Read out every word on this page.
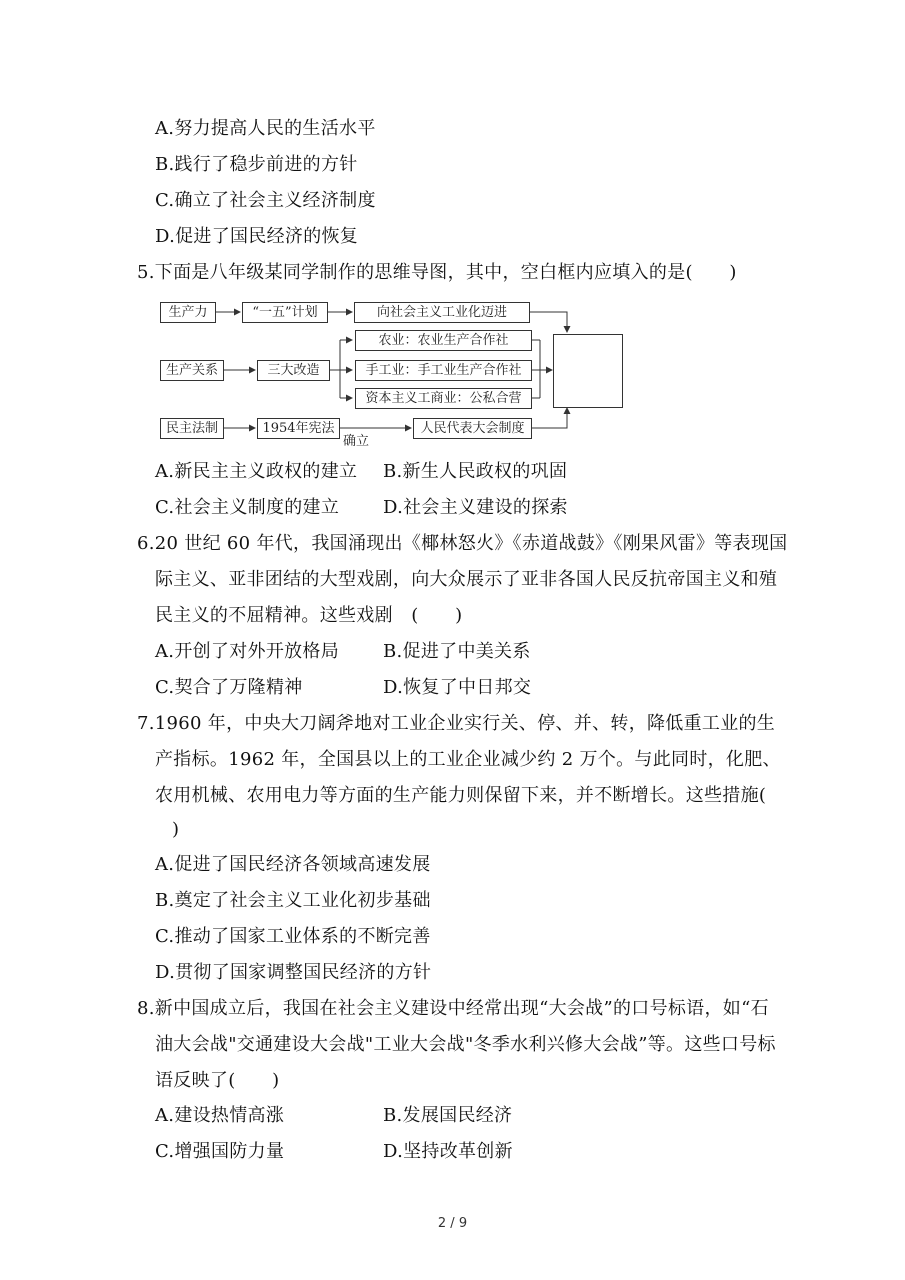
A.努力提高人民的生活水平
B.践行了稳步前进的方针
C.确立了社会主义经济制度
D.促进了国民经济的恢复
5.下面是八年级某同学制作的思维导图，其中，空白框内应填入的是(　　)
生产力	“一五”计划	向社会主义工业化迈进
农业：农业生产合作社
生产关系	三大改造	手工业：手工业生产合作社
资本主义工商业：公私合营
民主法制	1954年宪法
确立
人民代表大会制度
A.新民主主义政权的建立 B.新生人民政权的巩固
C.社会主义制度的建立 D.社会主义建设的探索
6.20 世纪 60 年代，我国涌现出《椰林怒火》《赤道战鼓》《刚果风雷》等表现国
际主义、亚非团结的大型戏剧，向大众展示了亚非各国人民反抗帝国主义和殖
民主义的不屈精神。这些戏剧　(　　)
A.开创了对外开放格局 B.促进了中美关系
C.契合了万隆精神	D.恢复了中日邦交
7.1960 年，中央大刀阔斧地对工业企业实行关、停、并、转，降低重工业的生
产指标。1962 年，全国县以上的工业企业减少约 2 万个。与此同时，化肥、
农用机械、农用电力等方面的生产能力则保留下来，并不断增长。这些措施(
)
A.促进了国民经济各领域高速发展
B.奠定了社会主义工业化初步基础
C.推动了国家工业体系的不断完善
D.贯彻了国家调整国民经济的方针
8.新中国成立后，我国在社会主义建设中经常出现“大会战”的口号标语，如“石
油大会战"交通建设大会战"工业大会战"冬季水利兴修大会战”等。这些口号标
语反映了(　　)
A.建设热情高涨	B.发展国民经济
C.增强国防力量	D.坚持改革创新
2 / 9
